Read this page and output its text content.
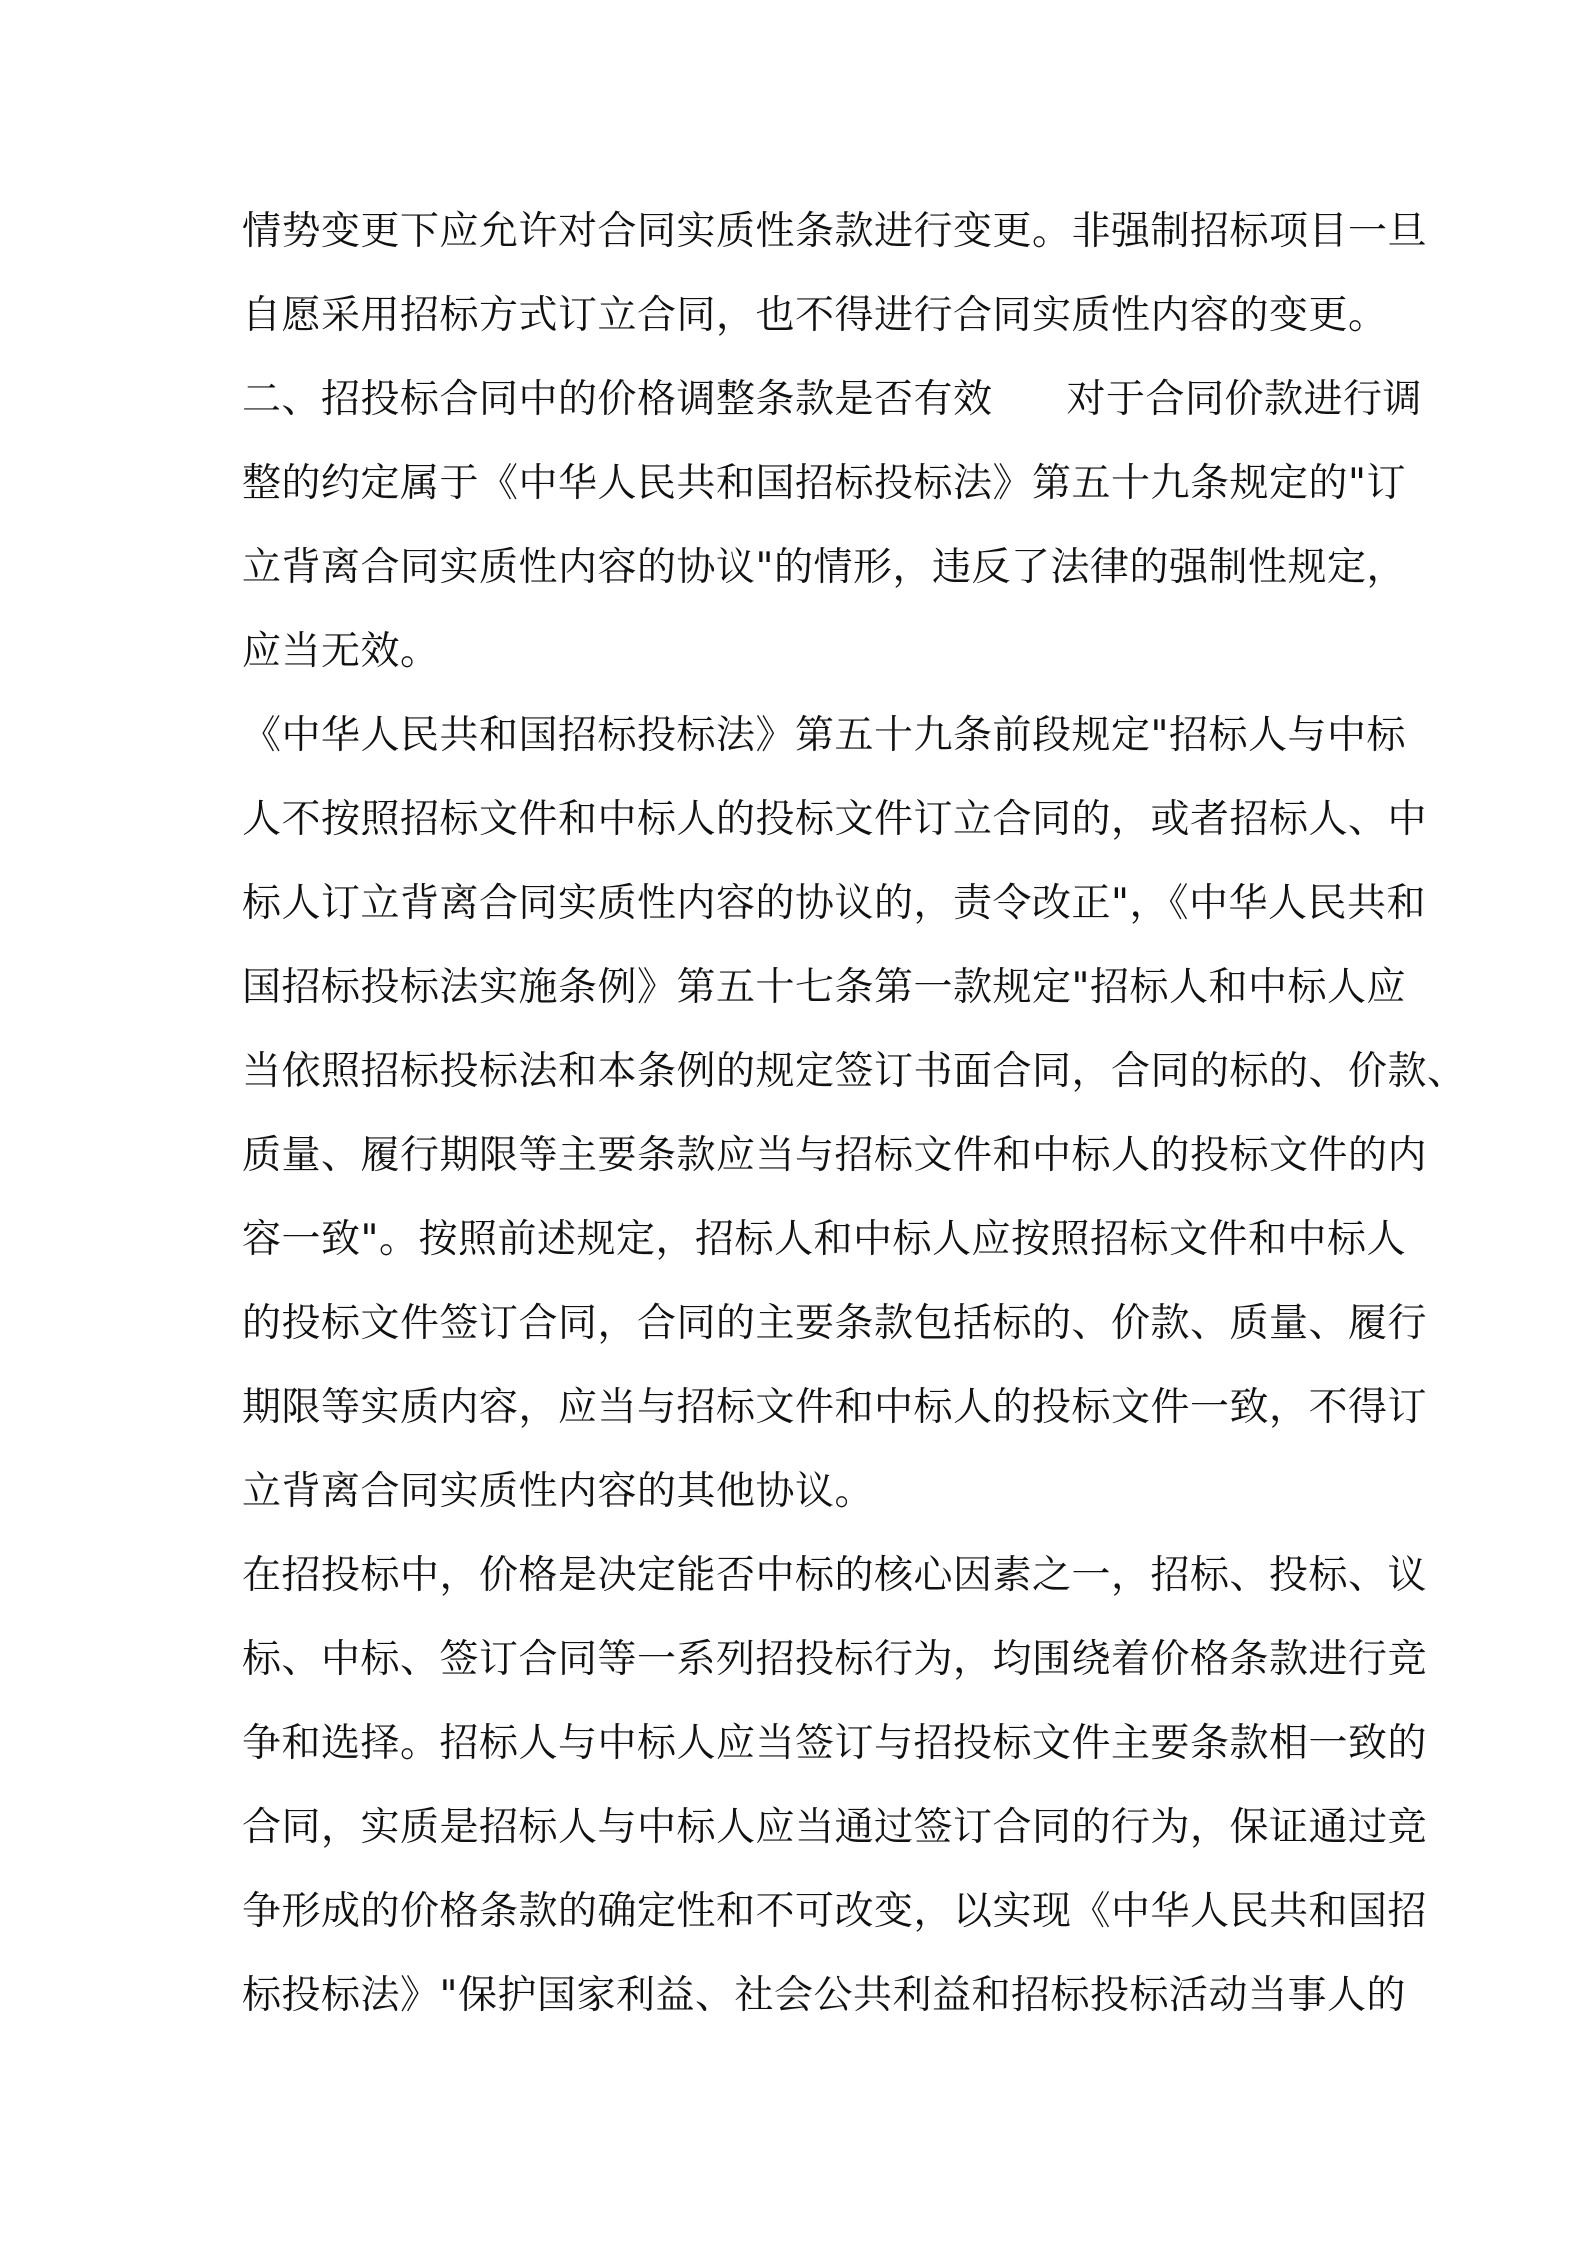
情势变更下应允许对合同实质性条款进行变更。非强制招标项目一旦
自愿采用招标方式订立合同，也不得进行合同实质性内容的变更。
二、招投标合同中的价格调整条款是否有效 对于合同价款进行调
整的约定属于《中华人民共和国招标投标法》第五十九条规定的"订
立背离合同实质性内容的协议"的情形，违反了法律的强制性规定，
应当无效。
《中华人民共和国招标投标法》第五十九条前段规定"招标人与中标
人不按照招标文件和中标人的投标文件订立合同的，或者招标人、中
标人订立背离合同实质性内容的协议的，责令改正"，《中华人民共和
国招标投标法实施条例》第五十七条第一款规定"招标人和中标人应
当依照招标投标法和本条例的规定签订书面合同，合同的标的、价款、
质量、履行期限等主要条款应当与招标文件和中标人的投标文件的内
容一致"。按照前述规定，招标人和中标人应按照招标文件和中标人
的投标文件签订合同，合同的主要条款包括标的、价款、质量、履行
期限等实质内容，应当与招标文件和中标人的投标文件一致，不得订
立背离合同实质性内容的其他协议。
在招投标中，价格是决定能否中标的核心因素之一，招标、投标、议
标、中标、签订合同等一系列招投标行为，均围绕着价格条款进行竞
争和选择。招标人与中标人应当签订与招投标文件主要条款相一致的
合同，实质是招标人与中标人应当通过签订合同的行为，保证通过竞
争形成的价格条款的确定性和不可改变，以实现《中华人民共和国招
标投标法》"保护国家利益、社会公共利益和招标投标活动当事人的
